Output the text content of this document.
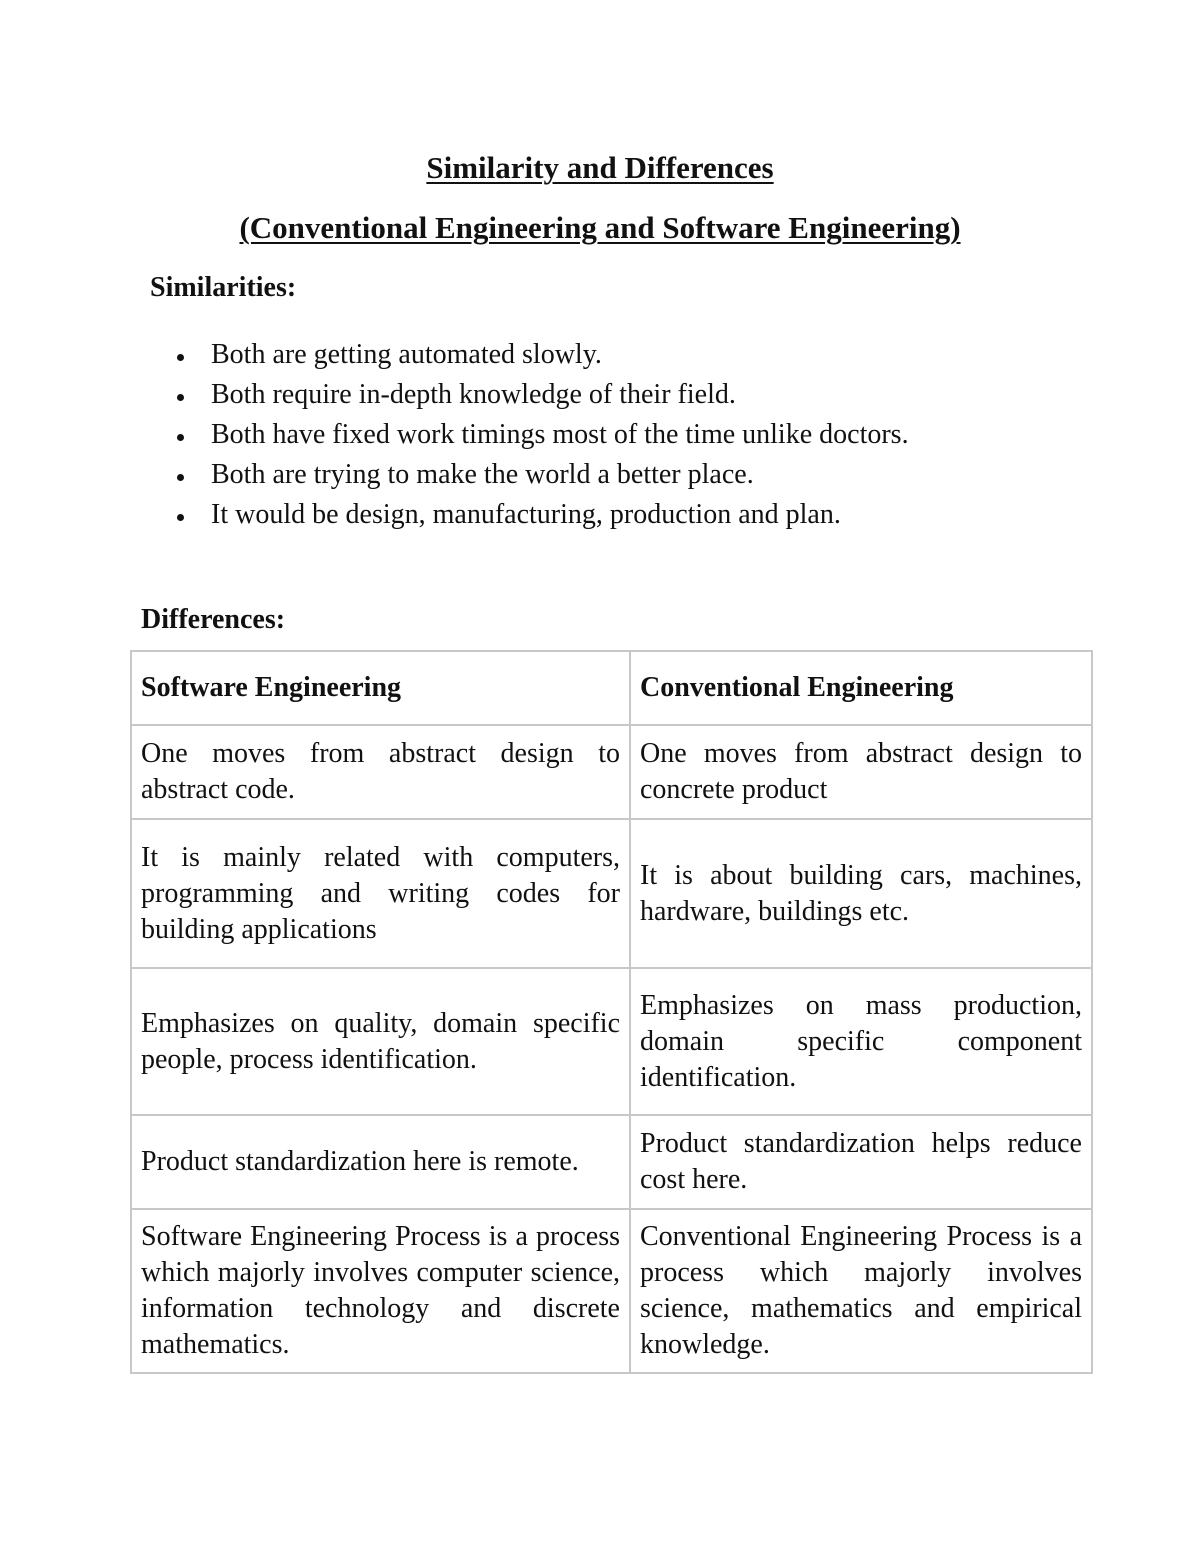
Similarity and Differences
(Conventional Engineering and Software Engineering)
Similarities:
Both are getting automated slowly.
Both require in-depth knowledge of their field.
Both have fixed work timings most of the time unlike doctors.
Both are trying to make the world a better place.
It would be design, manufacturing, production and plan.
Differences:
Software Engineering	Conventional Engineering
One moves from abstract design to abstract code.	One moves from abstract design to concrete product
It is mainly related with computers, programming and writing codes for building applications	It is about building cars, machines, hardware, buildings etc.
Emphasizes on quality, domain specific people, process identification.	Emphasizes on mass production, domain specific component identification.
Product standardization here is remote.	Product standardization helps reduce cost here.
Software Engineering Process is a process which majorly involves computer science, information technology and discrete mathematics.	Conventional Engineering Process is a process which majorly involves science, mathematics and empirical knowledge.
